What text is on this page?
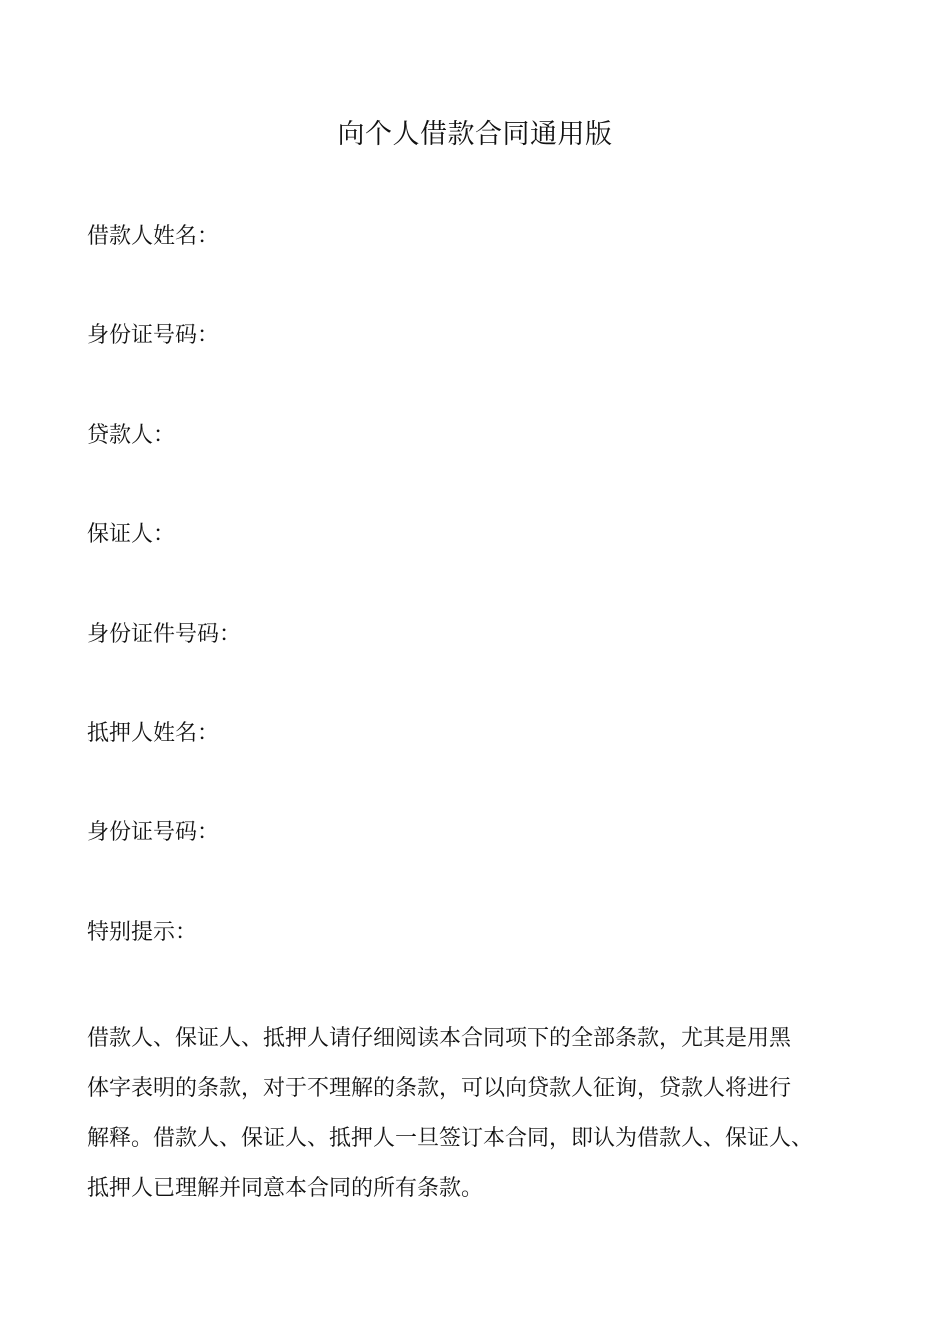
向个人借款合同通用版
借款人姓名：
身份证号码：
贷款人：
保证人：
身份证件号码：
抵押人姓名：
身份证号码：
特别提示：
借款人、保证人、抵押人请仔细阅读本合同项下的全部条款，尤其是用黑
体字表明的条款，对于不理解的条款，可以向贷款人征询，贷款人将进行
解释。借款人、保证人、抵押人一旦签订本合同，即认为借款人、保证人、
抵押人已理解并同意本合同的所有条款。
